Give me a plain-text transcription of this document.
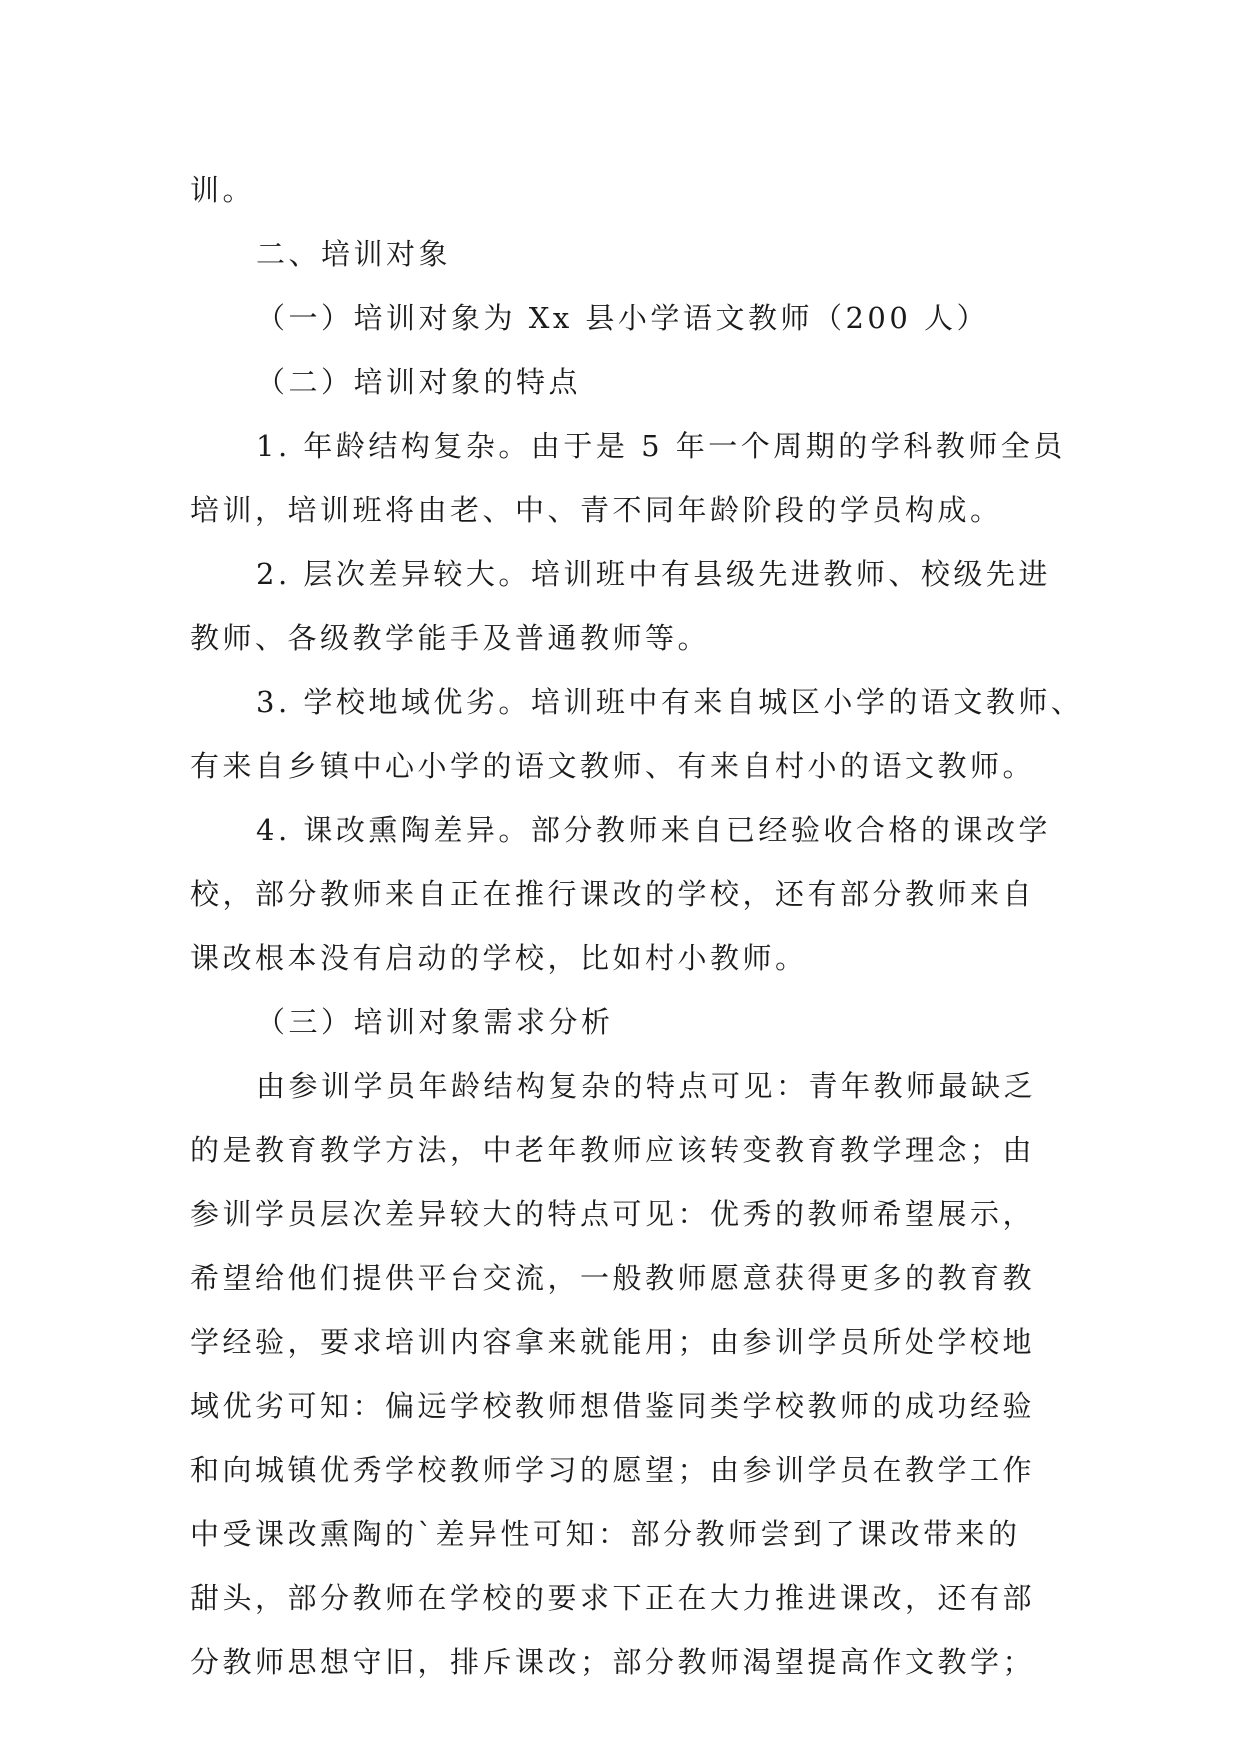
训。
二、培训对象
（一）培训对象为 Xx 县小学语文教师（200 人）
（二）培训对象的特点
1. 年龄结构复杂。由于是 5 年一个周期的学科教师全员
培训，培训班将由老、中、青不同年龄阶段的学员构成。
2. 层次差异较大。培训班中有县级先进教师、校级先进
教师、各级教学能手及普通教师等。
3. 学校地域优劣。培训班中有来自城区小学的语文教师、
有来自乡镇中心小学的语文教师、有来自村小的语文教师。
4. 课改熏陶差异。部分教师来自已经验收合格的课改学
校，部分教师来自正在推行课改的学校，还有部分教师来自
课改根本没有启动的学校，比如村小教师。
（三）培训对象需求分析
由参训学员年龄结构复杂的特点可见：青年教师最缺乏
的是教育教学方法，中老年教师应该转变教育教学理念；由
参训学员层次差异较大的特点可见：优秀的教师希望展示，
希望给他们提供平台交流，一般教师愿意获得更多的教育教
学经验，要求培训内容拿来就能用；由参训学员所处学校地
域优劣可知：偏远学校教师想借鉴同类学校教师的成功经验
和向城镇优秀学校教师学习的愿望；由参训学员在教学工作
中受课改熏陶的`差异性可知：部分教师尝到了课改带来的
甜头，部分教师在学校的要求下正在大力推进课改，还有部
分教师思想守旧，排斥课改；部分教师渴望提高作文教学；
